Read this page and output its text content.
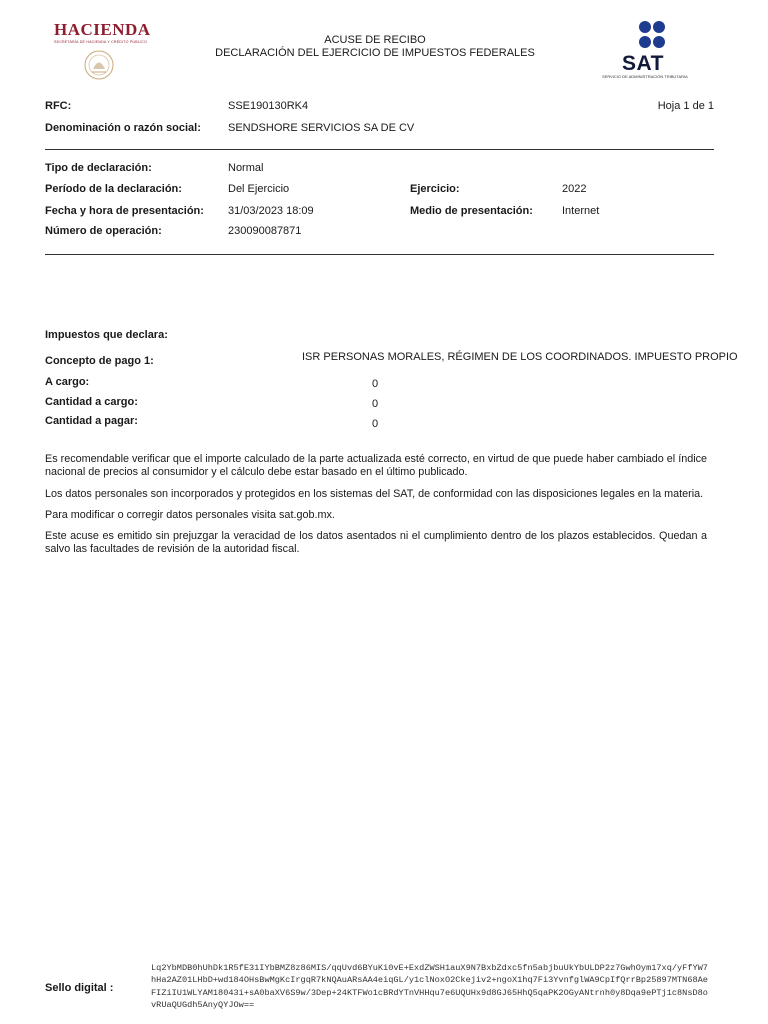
HACIENDA
SECRETARÍA DE HACIENDA Y CRÉDITO PÚBLICO	ACUSE DE RECIBO
DECLARACIÓN DEL EJERCICIO DE IMPUESTOS FEDERALES	SAT
SERVICIO DE ADMINISTRACIÓN TRIBUTARIA
RFC:	SSE190130RK4	Hoja 1 de 1
Denominación o razón social: SENDSHORE SERVICIOS SA DE CV
Tipo de declaración:	Normal
Período de la declaración:	Del Ejercicio	Ejercicio:	2022
Fecha y hora de presentación: 31/03/2023 18:09	Medio de presentación:	Internet
Número de operación:	230090087871
Impuestos que declara:
Concepto de pago 1:	ISR PERSONAS MORALES, RÉGIMEN DE LOS COORDINADOS. IMPUESTO PROPIO
A cargo:	0
Cantidad a cargo:	0
Cantidad a pagar:	0
Es recomendable verificar que el importe calculado de la parte actualizada esté correcto, en virtud de que puede haber cambiado el índice nacional de precios al consumidor y el cálculo debe estar basado en el último publicado.
Los datos personales son incorporados y protegidos en los sistemas del SAT, de conformidad con las disposiciones legales en la materia.
Para modificar o corregir datos personales visita sat.gob.mx.
Este acuse es emitido sin prejuzgar la veracidad de los datos asentados ni el cumplimiento dentro de los plazos establecidos. Quedan a salvo las facultades de revisión de la autoridad fiscal.
Sello digital :
Lq2YbMDB0hUhDk1R5fE31IYbBMZ8z86MIS/qqUvd6BYuKi0vE+ExdZWSH1auX9N7BxbZdxc5fn5abjbuUkYbULDP2z7GwhOym17xq/yFfYW7hHa2AZ01LHbD+wd184OHsBwMgKcIrgqR7kNQAuARsAA4eiqGL/y1clNoxO2Ckejiv2+ngoX1hq7Fi3YvnfglWA9CpIfQrrBp25897MTN68AeFIZiIU1WLYAM18043i+sA0baXV6S9w/3Dep+24KTFWo1cBRdYTnVHHqu7e6UQUHx9d8GJ65HhQ5qaPK2OGyANtrnh0y8Dqa9ePTj1c8NsD8ovRUaQUGdh5AnyQYJOw==
